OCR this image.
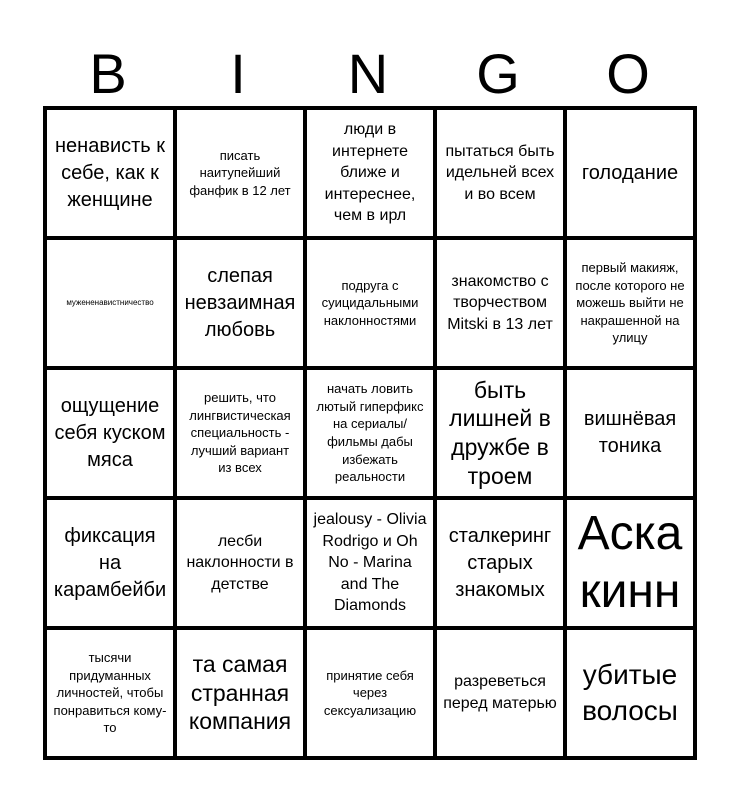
B	I	N	G	O
ненависть к себе, как к женщине
писать наитупейший фанфик в 12 лет
люди в интернете ближе и интереснее, чем в ирл
пытаться быть идельней всех и во всем
голодание
мужененавистничество
слепая невзаимная любовь
подруга с суицидальными наклонностями
знакомство с творчеством Mitski в 13 лет
первый макияж, после которого не можешь выйти не накрашенной на улицу
ощущение себя куском мяса
решить, что лингвистическая специальность - лучший вариант из всех
начать ловить лютый гиперфикс на сериалы/фильмы дабы избежать реальности
быть лишней в дружбе в троем
вишнёвая тоника
фиксация на карамбейби
лесби наклонности в детстве
jealousy - Olivia Rodrigo и Oh No - Marina and The Diamonds
сталкеринг старых знакомых
Аска кинн
тысячи придуманных личностей, чтобы понравиться кому-то
та самая странная компания
принятие себя через сексуализацию
разреветься перед матерью
убитые волосы
